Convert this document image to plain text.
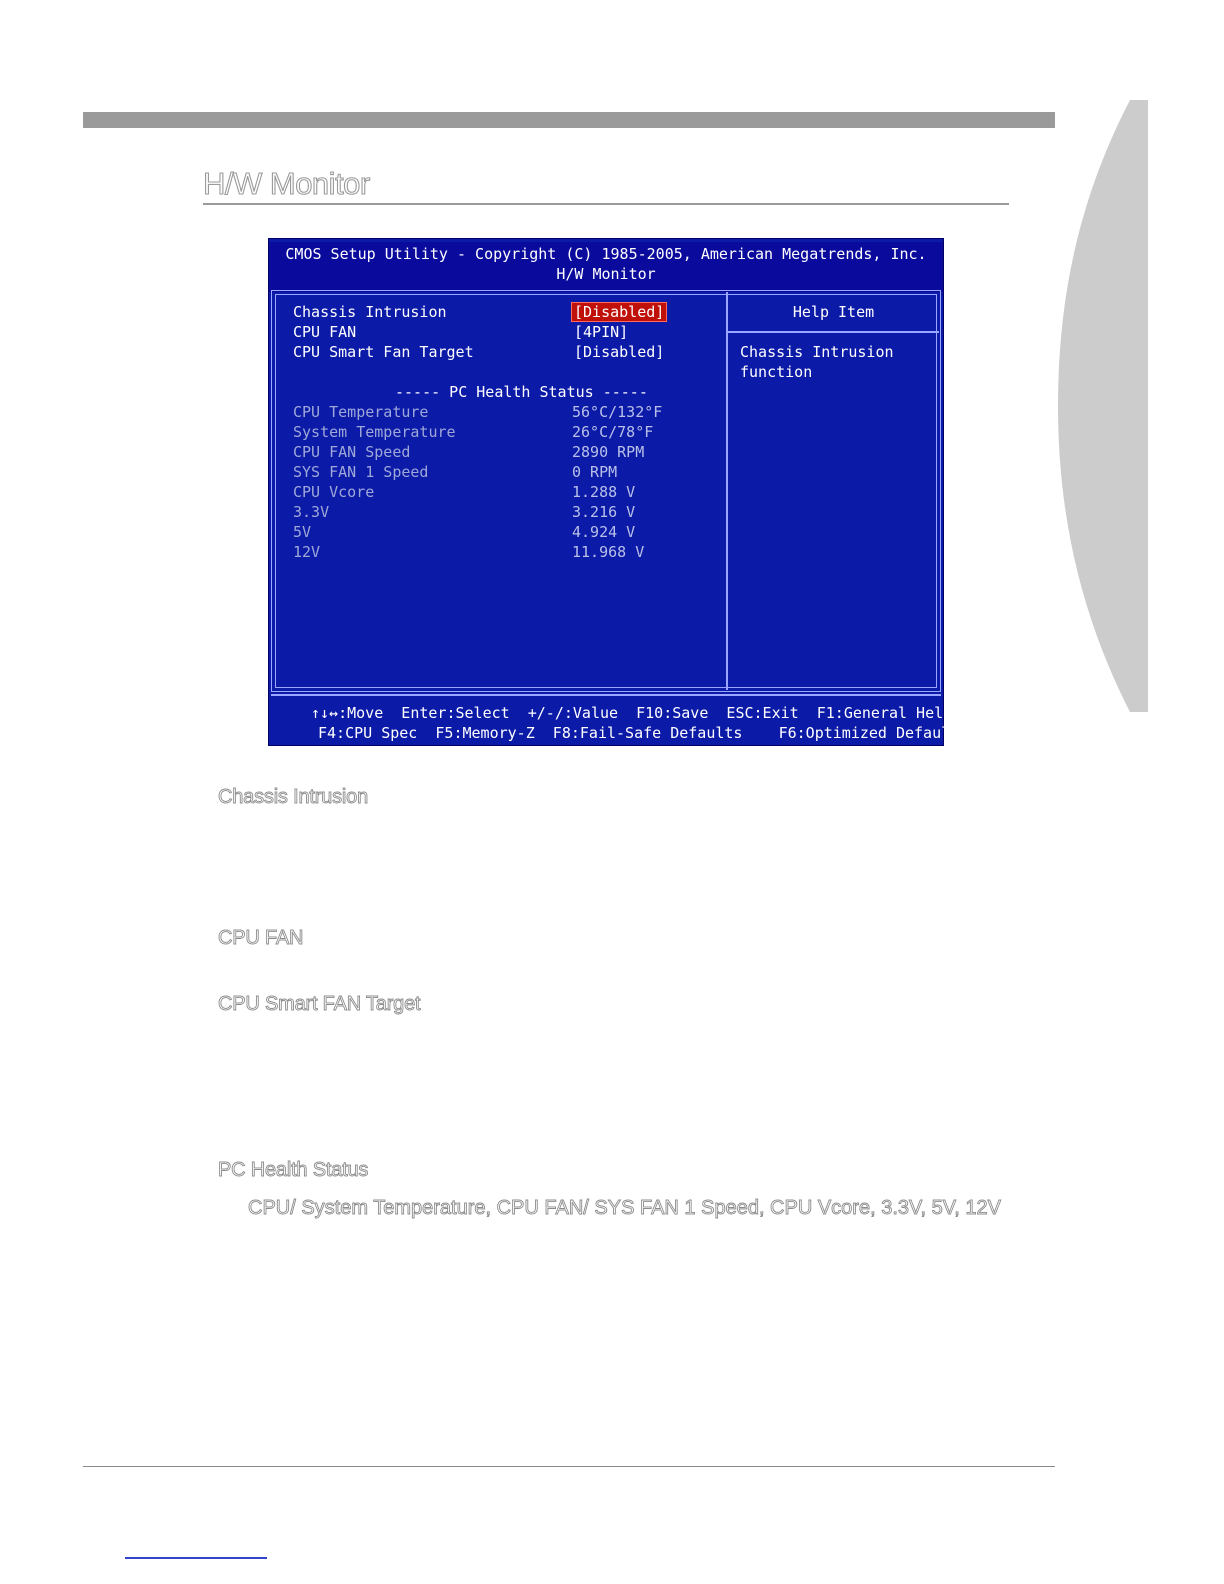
H/W Monitor
CMOS Setup Utility - Copyright (C) 1985-2005, American Megatrends, Inc.
H/W Monitor
Chassis Intrusion	[Disabled]
CPU FAN	[4PIN]
CPU Smart Fan Target	[Disabled]
----- PC Health Status -----
CPU Temperature	56°C/132°F
System Temperature	26°C/78°F
CPU FAN Speed	2890 RPM
SYS FAN 1 Speed	0 RPM
CPU Vcore	1.288 V
3.3V	3.216 V
5V	4.924 V
12V	11.968 V
Help Item
Chassis Intrusion
function
↑↓↔:Move  Enter:Select  +/-/:Value  F10:Save  ESC:Exit  F1:General Help
F4:CPU Spec  F5:Memory-Z  F8:Fail-Safe Defaults    F6:Optimized Defaults
Chassis Intrusion
CPU FAN
CPU Smart FAN Target
PC Health Status
CPU/ System Temperature, CPU FAN/ SYS FAN 1 Speed, CPU Vcore, 3.3V, 5V, 12V
